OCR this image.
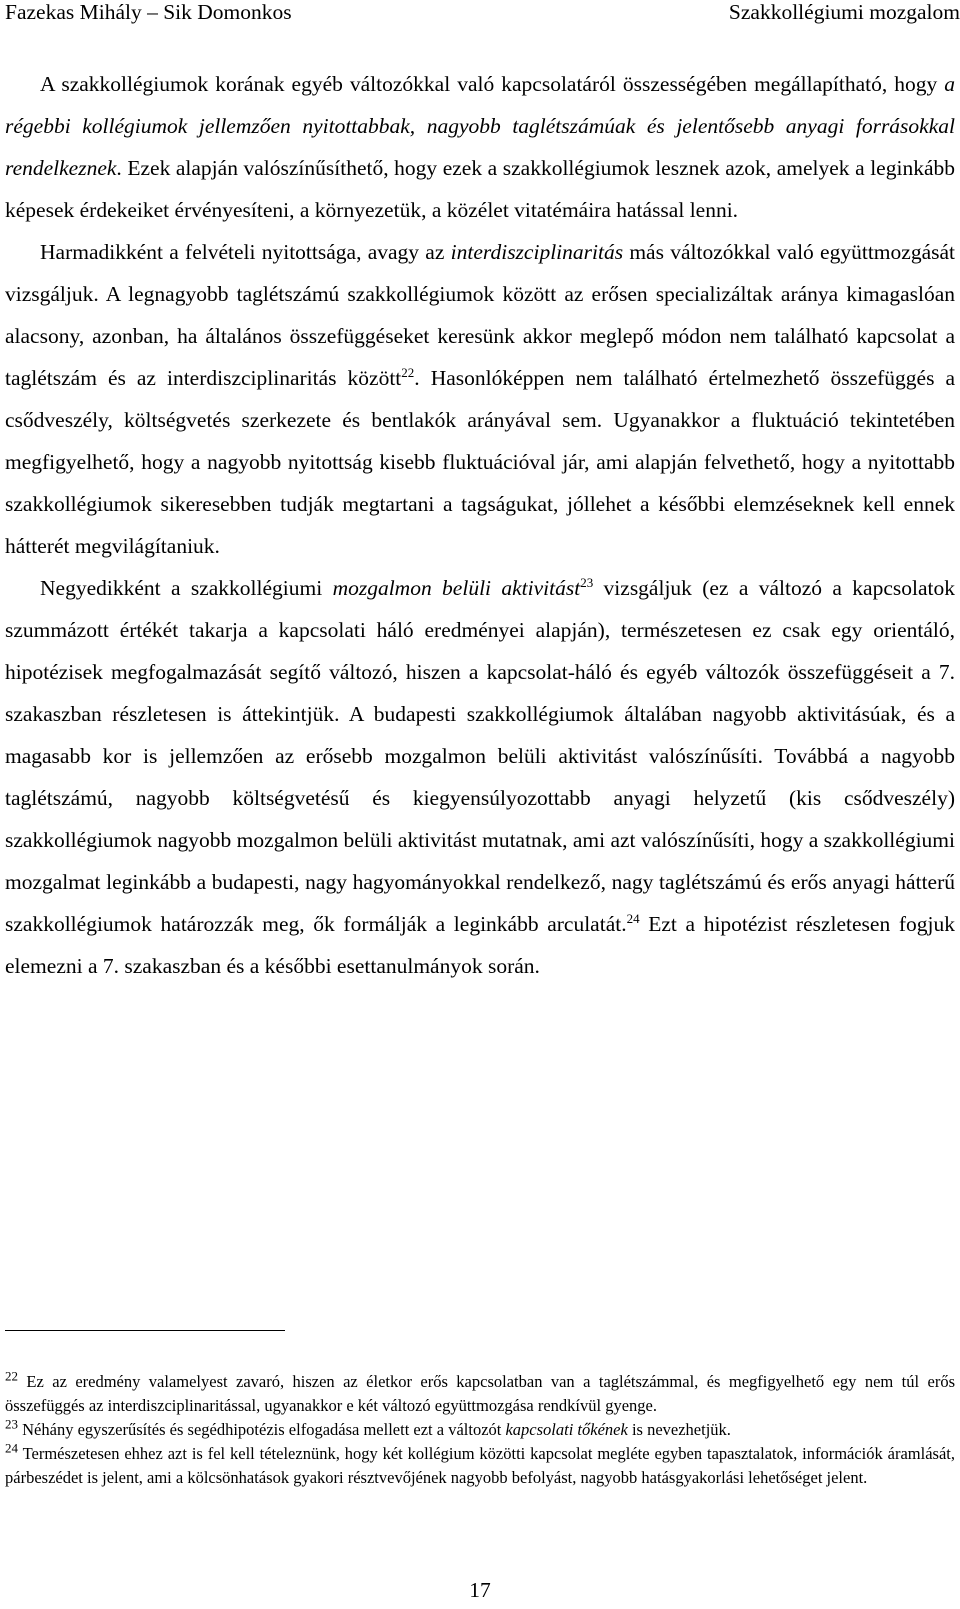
Fazekas Mihály – Sik Domonkos	Szakkollégiumi mozgalom

A szakkollégiumok korának egyéb változókkal való kapcsolatáról összességében megállapítható, hogy a régebbi kollégiumok jellemzően nyitottabbak, nagyobb taglétszámúak és jelentősebb anyagi forrásokkal rendelkeznek. Ezek alapján valószínűsíthető, hogy ezek a szakkollégiumok lesznek azok, amelyek a leginkább képesek érdekeiket érvényesíteni, a környezetük, a közélet vitatémáira hatással lenni.

Harmadikként a felvételi nyitottsága, avagy az interdiszciplinaritás más változókkal való együttmozgását vizsgáljuk. A legnagyobb taglétszámú szakkollégiumok között az erősen specializáltak aránya kimagaslóan alacsony, azonban, ha általános összefüggéseket keresünk akkor meglepő módon nem található kapcsolat a taglétszám és az interdiszciplinaritás között$^{22}$. Hasonlóképpen nem található értelmezhető összefüggés a csődveszély, költségvetés szerkezete és bentlakók arányával sem. Ugyanakkor a fluktuáció tekintetében megfigyelhető, hogy a nagyobb nyitottság kisebb fluktuációval jár, ami alapján felvethető, hogy a nyitottabb szakkollégiumok sikeresebben tudják megtartani a tagságukat, jóllehet a későbbi elemzéseknek kell ennek hátterét megvilágítaniuk.

Negyedikként a szakkollégiumi mozgalmon belüli aktivitást$^{23}$ vizsgáljuk (ez a változó a kapcsolatok szummázott értékét takarja a kapcsolati háló eredményei alapján), természetesen ez csak egy orientáló, hipotézisek megfogalmazását segítő változó, hiszen a kapcsolat-háló és egyéb változók összefüggéseit a 7. szakaszban részletesen is áttekintjük. A budapesti szakkollégiumok általában nagyobb aktivitásúak, és a magasabb kor is jellemzően az erősebb mozgalmon belüli aktivitást valószínűsíti. Továbbá a nagyobb taglétszámú, nagyobb költségvetésű és kiegyensúlyozottabb anyagi helyzetű (kis csődveszély) szakkollégiumok nagyobb mozgalmon belüli aktivitást mutatnak, ami azt valószínűsíti, hogy a szakkollégiumi mozgalmat leginkább a budapesti, nagy hagyományokkal rendelkező, nagy taglétszámú és erős anyagi hátterű szakkollégiumok határozzák meg, ők formálják a leginkább arculatát.$^{24}$ Ezt a hipotézist részletesen fogjuk elemezni a 7. szakaszban és a későbbi esettanulmányok során.

$^{22}$ Ez az eredmény valamelyest zavaró, hiszen az életkor erős kapcsolatban van a taglétszámmal, és megfigyelhető egy nem túl erős összefüggés az interdiszciplinaritással, ugyanakkor e két változó együttmozgása rendkívül gyenge.

$^{23}$ Néhány egyszerűsítés és segédhipotézis elfogadása mellett ezt a változót kapcsolati tőkének is nevezhetjük.

$^{24}$ Természetesen ehhez azt is fel kell tételeznünk, hogy két kollégium közötti kapcsolat megléte egyben tapasztalatok, információk áramlását, párbeszédet is jelent, ami a kölcsönhatások gyakori résztvevőjének nagyobb befolyást, nagyobb hatásgyakorlási lehetőséget jelent.

17
